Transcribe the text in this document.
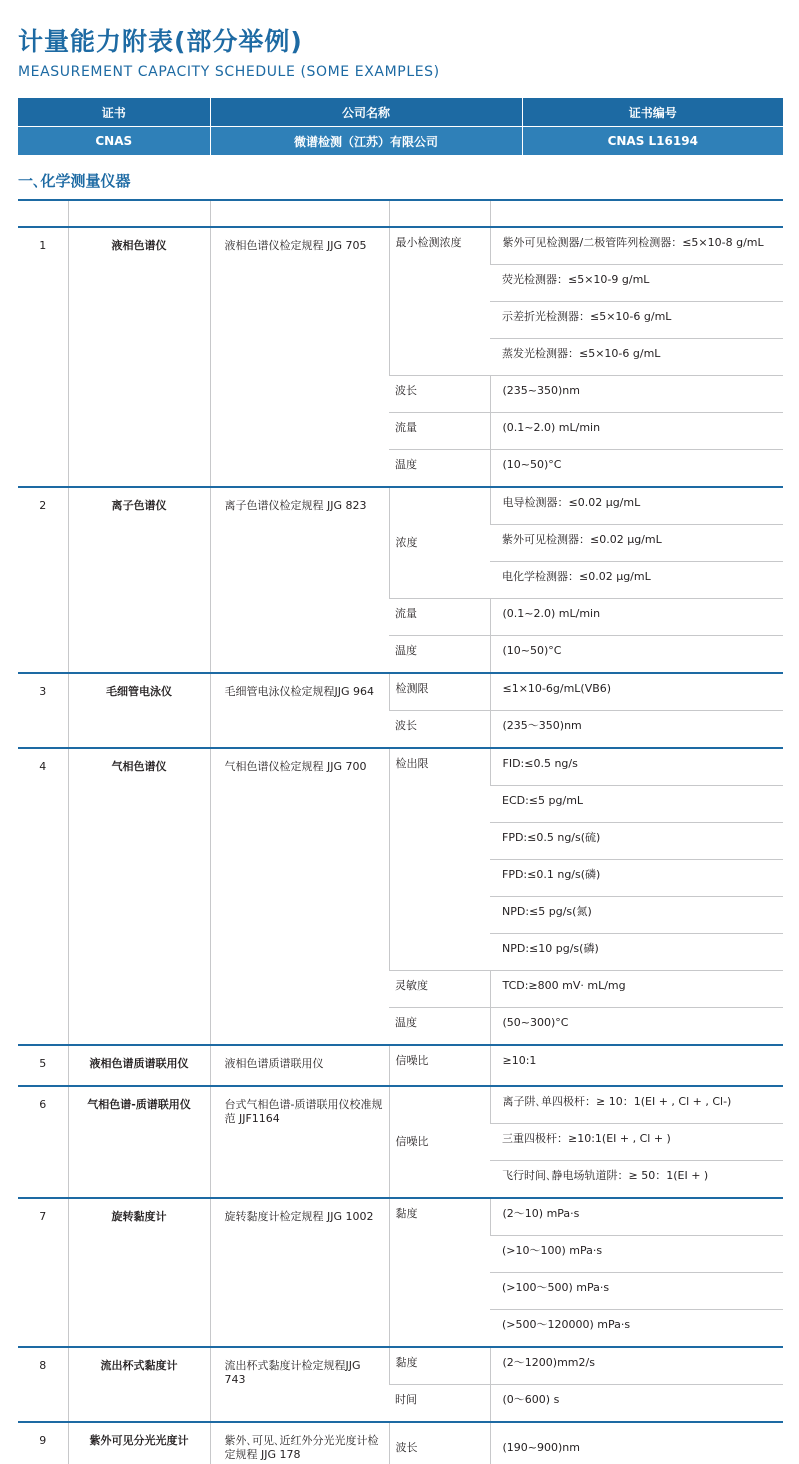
计量能力附表(部分举例)
MEASUREMENT CAPACITY SCHEDULE (SOME EXAMPLES)
证书	公司名称	证书编号
CNAS	微谱检测（江苏）有限公司	CNAS L16194
一､化学测量仪器

1	液相色谱仪	液相色谱仪检定规程 JJG 705	最小检测浓度	紫外可见检测器/二极管阵列检测器：≤5×10-8 g/mL
				荧光检测器：≤5×10-9 g/mL
				示差折光检测器：≤5×10-6 g/mL
				蒸发光检测器：≤5×10-6 g/mL
			波长	(235~350)nm
			流量	(0.1~2.0) mL/min
			温度	(10~50)°C
2	离子色谱仪	离子色谱仪检定规程 JJG 823	浓度	电导检测器：≤0.02 μg/mL
				紫外可见检测器：≤0.02 μg/mL
				电化学检测器：≤0.02 μg/mL
			流量	(0.1~2.0) mL/min
			温度	(10~50)°C
3	毛细管电泳仪	毛细管电泳仪检定规程JJG 964	检测限	≤1×10-6g/mL(VB6)
			波长	(235～350)nm
4	气相色谱仪	气相色谱仪检定规程 JJG 700	检出限	FID:≤0.5 ng/s
				ECD:≤5 pg/mL
				FPD:≤0.5 ng/s(硫)
				FPD:≤0.1 ng/s(磷)
				NPD:≤5 pg/s(氮)
				NPD:≤10 pg/s(磷)
			灵敏度	TCD:≥800 mV· mL/mg
			温度	(50~300)°C
5	液相色谱质谱联用仪	液相色谱质谱联用仪	信噪比	≥10:1
6	气相色谱-质谱联用仪	台式气相色谱-质谱联用仪校准规范 JJF1164	信噪比	离子阱､单四极杆：≥ 10：1(EI + , Cl + , Cl-)
				三重四极杆：≥10:1(EI + , Cl + )
				飞行时间､静电场轨道阱：≥ 50：1(EI + )
7	旋转黏度计	旋转黏度计检定规程 JJG 1002	黏度	(2～10) mPa·s
				(>10～100) mPa·s
				(>100～500) mPa·s
				(>500～120000) mPa·s
8	流出杯式黏度计	流出杯式黏度计检定规程JJG 743	黏度	(2～1200)mm2/s
			时间	(0～600) s
9	紫外可见分光光度计	紫外､可见､近红外分光光度计检定规程 JJG 178	波长	(190~900)nm
